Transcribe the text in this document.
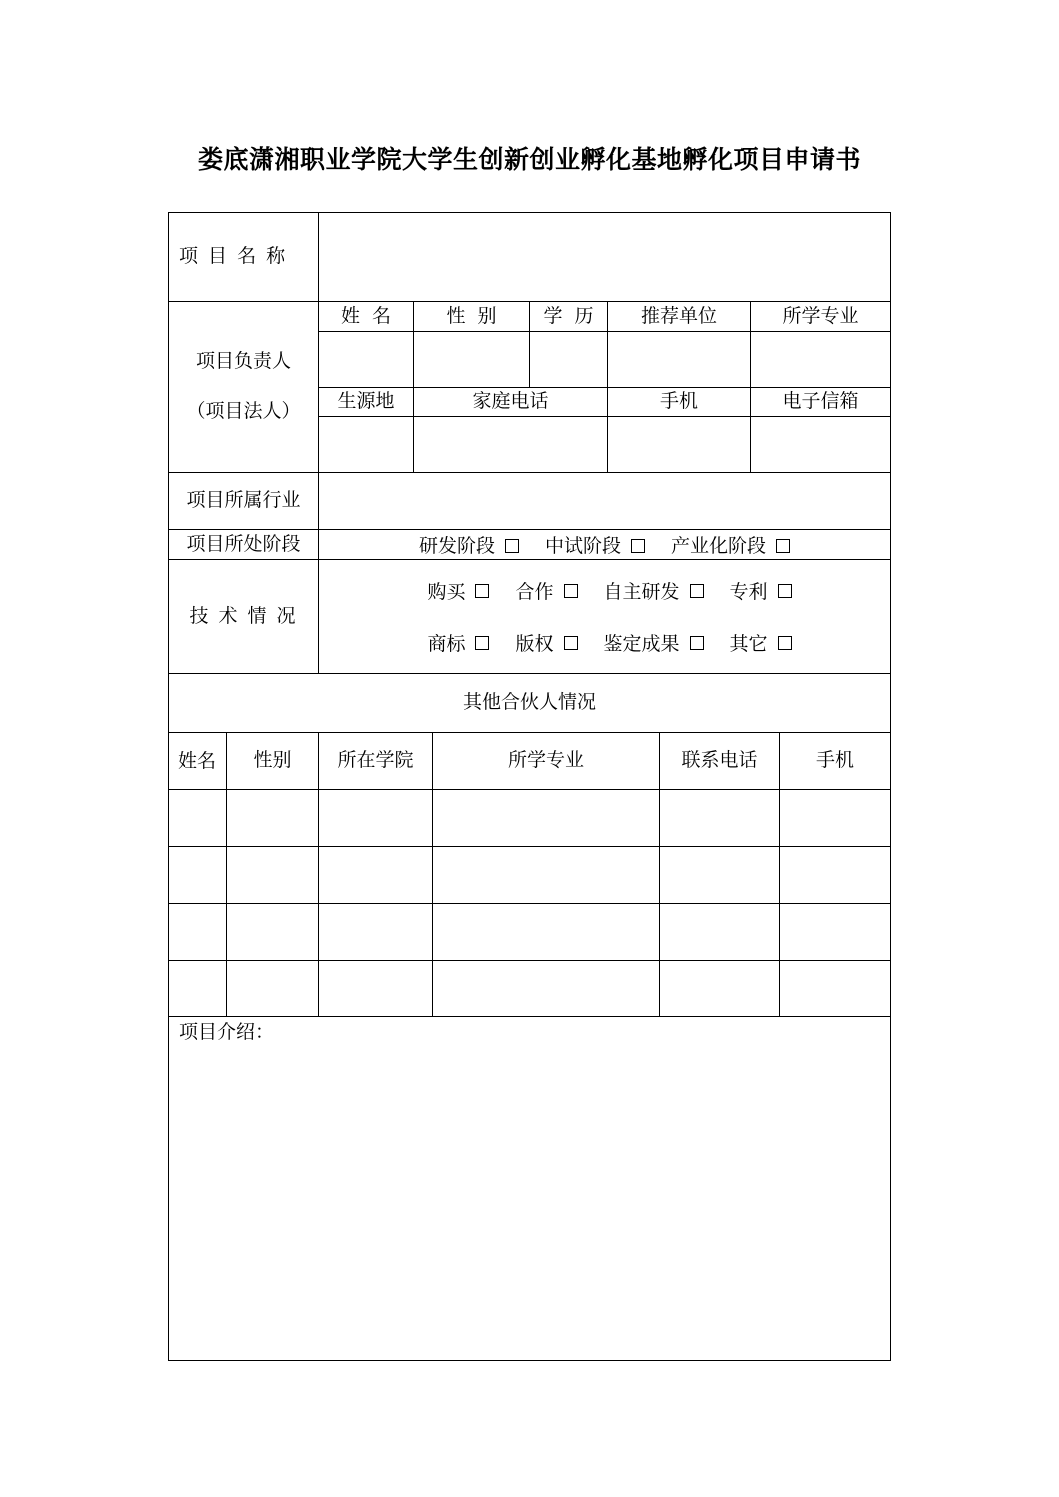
娄底潇湘职业学院大学生创新创业孵化基地孵化项目申请书
项 目 名 称
项目负责人
（项目法人）
姓  名	性  别	学  历	推荐单位	所学专业
生源地	家庭电话	手机	电子信箱
项目所属行业
项目所处阶段	研发阶段	中试阶段	产业化阶段
技 术 情 况
购买	合作	自主研发	专利
商标	版权	鉴定成果	其它
其他合伙人情况
姓名	性别	所在学院	所学专业	联系电话	手机
项目介绍：
